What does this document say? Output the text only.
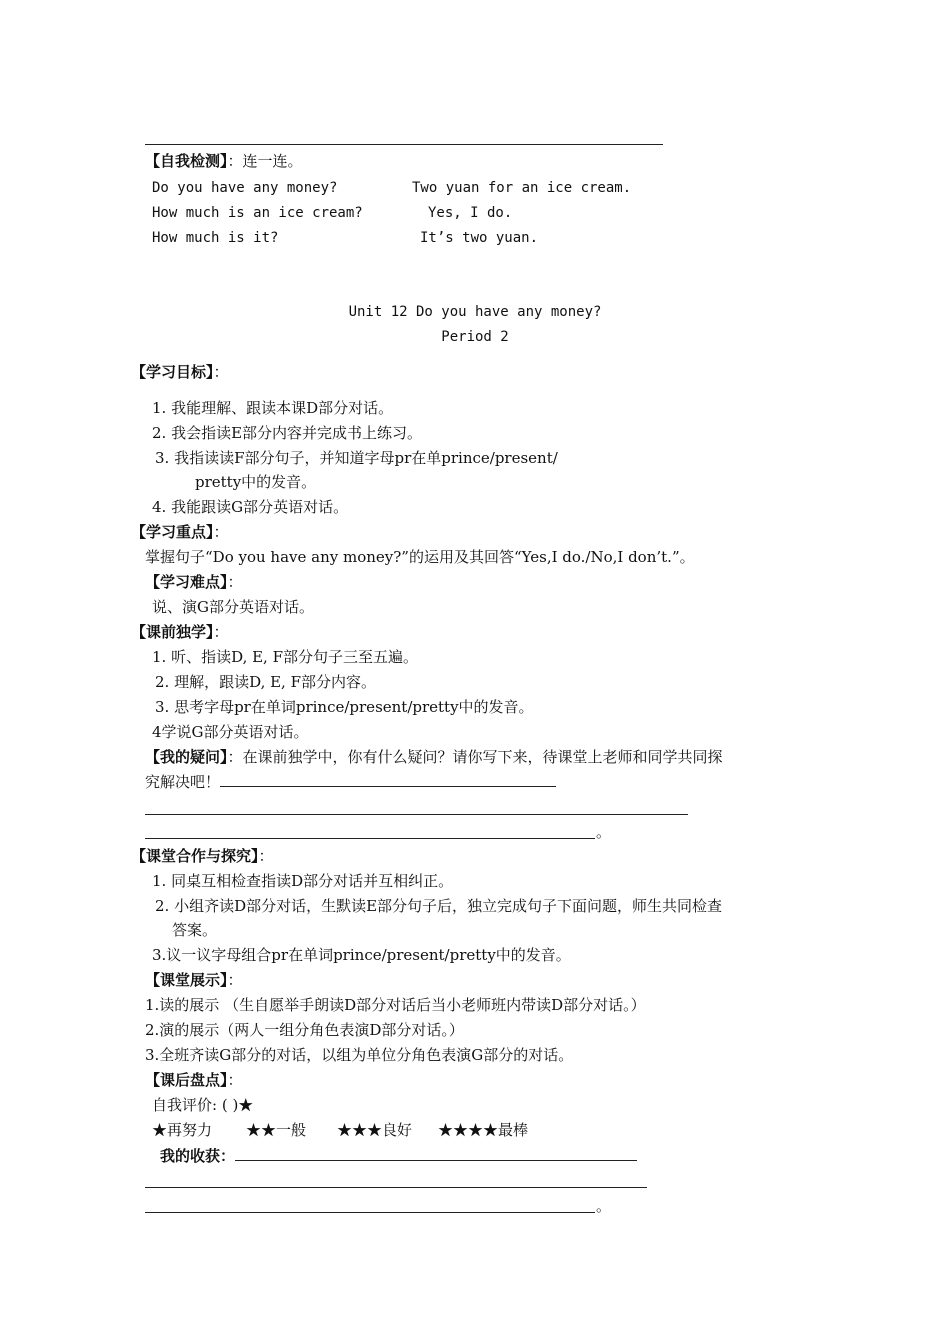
【自我检测】：连一连。
Do you have any money?
How much is an ice cream?
How much is it?
Two yuan for an ice cream.
Yes, I do.
It’s two yuan.
Unit 12 Do you have any money?
Period 2
【学习目标】：
1. 我能理解、跟读本课D部分对话。
2. 我会指读E部分内容并完成书上练习。
3. 我指读读F部分句子，并知道字母pr在单prince/present/
pretty中的发音。
4. 我能跟读G部分英语对话。
【学习重点】：
掌握句子“Do you have any money?”的运用及其回答“Yes,I do./No,I don’t.”。
【学习难点】：
说、演G部分英语对话。
【课前独学】：
1. 听、指读D, E, F部分句子三至五遍。
2. 理解，跟读D, E, F部分内容。
3. 思考字母pr在单词prince/present/pretty中的发音。
4学说G部分英语对话。
【我的疑问】：在课前独学中，你有什么疑问？请你写下来，待课堂上老师和同学共同探
究解决吧！
。
【课堂合作与探究】：
1. 同桌互相检查指读D部分对话并互相纠正。
2. 小组齐读D部分对话，生默读E部分句子后，独立完成句子下面问题，师生共同检查
答案。
3.议一议字母组合pr在单词prince/present/pretty中的发音。
【课堂展示】：
1.读的展示 （生自愿举手朗读D部分对话后当小老师班内带读D部分对话。）
2.演的展示（两人一组分角色表演D部分对话。）
3.全班齐读G部分的对话，以组为单位分角色表演G部分的对话。
【课后盘点】：
自我评价: ( )★
★再努力 ★★一般 ★★★良好 ★★★★最棒
我的收获：
。
